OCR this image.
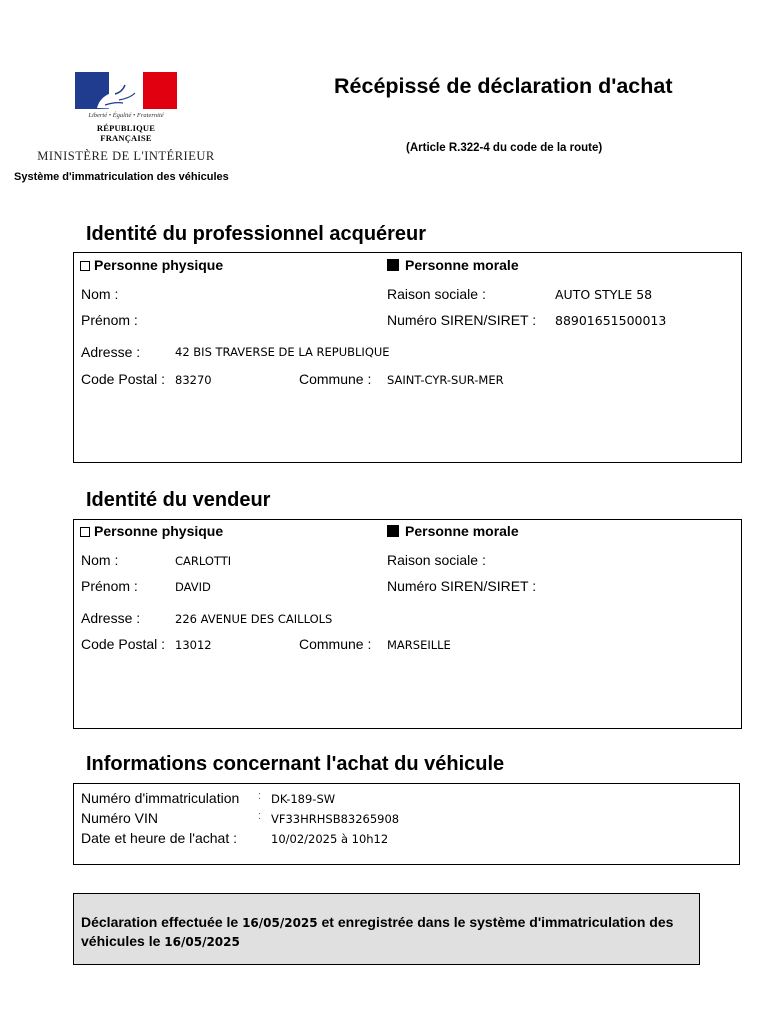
Liberté • Égalité • Fraternité
RÉPUBLIQUE FRANÇAISE
MINISTÈRE DE L'INTÉRIEUR
Système d'immatriculation des véhicules
Récépissé de déclaration d'achat
(Article R.322-4 du code de la route)
Identité du professionnel acquéreur
Personne physique	Personne morale
Nom :
Prénom :
Raison sociale :	AUTO STYLE 58
Numéro SIREN/SIRET : 88901651500013
Adresse :	42 BIS TRAVERSE DE LA REPUBLIQUE
Code Postal : 83270	Commune : SAINT-CYR-SUR-MER
Identité du vendeur
Personne physique	Personne morale
Nom :	CARLOTTI
Prénom :	DAVID
Raison sociale :
Numéro SIREN/SIRET :
Adresse :	226 AVENUE DES CAILLOLS
Code Postal : 13012	Commune : MARSEILLE
Informations concernant l'achat du véhicule
Numéro d'immatriculation : DK-189-SW
Numéro VIN	: VF33HRHSB83265908
Date et heure de l'achat :	10/02/2025 à 10h12
Déclaration effectuée le 16/05/2025 et enregistrée dans le système d'immatriculation des véhicules le 16/05/2025
